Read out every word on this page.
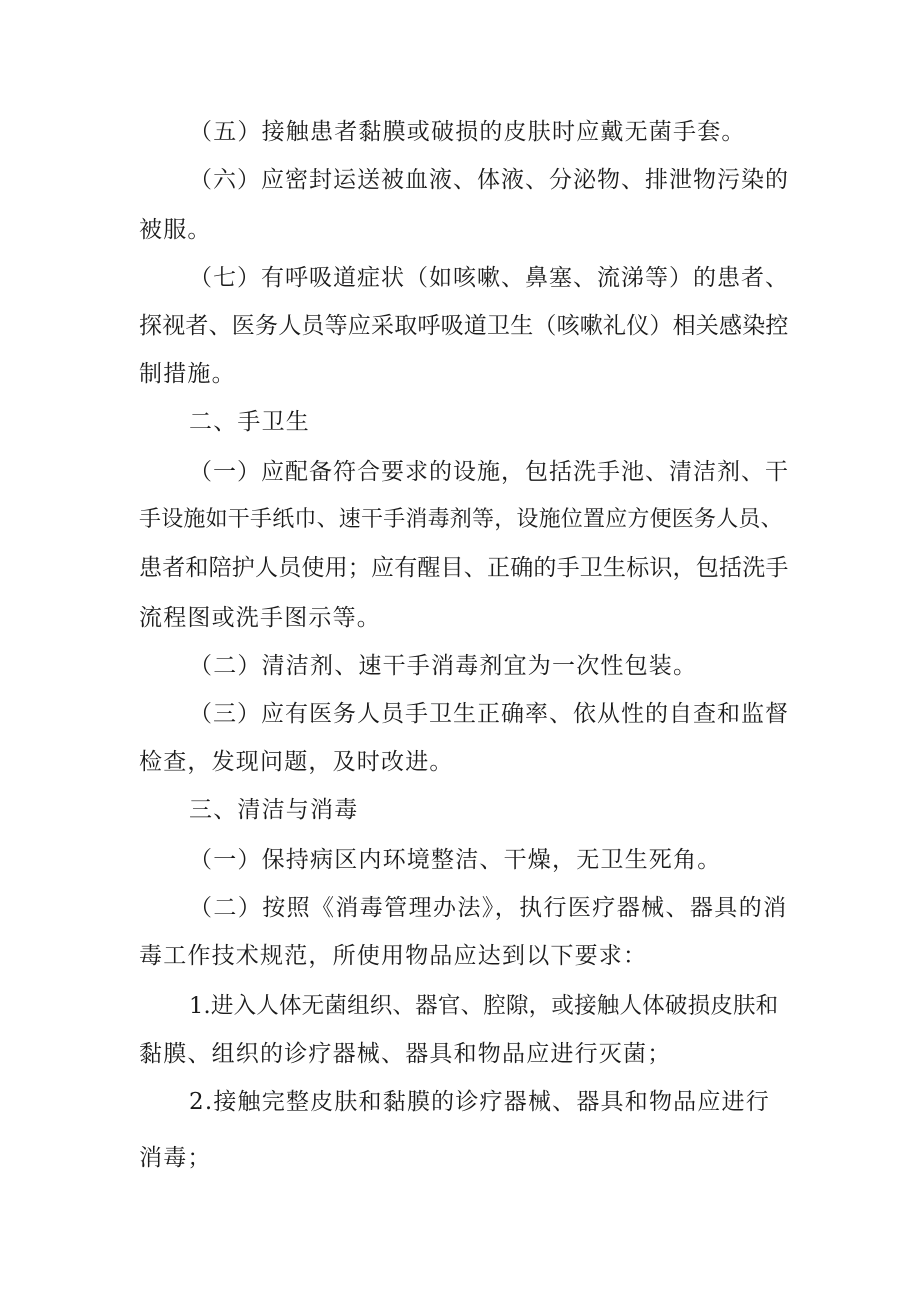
（五）接触患者黏膜或破损的皮肤时应戴无菌手套。
（六）应密封运送被血液、体液、分泌物、排泄物污染的
被服。
（七）有呼吸道症状（如咳嗽、鼻塞、流涕等）的患者、
探视者、医务人员等应采取呼吸道卫生（咳嗽礼仪）相关感染控
制措施。
二、手卫生
（一）应配备符合要求的设施，包括洗手池、清洁剂、干
手设施如干手纸巾、速干手消毒剂等，设施位置应方便医务人员、
患者和陪护人员使用；应有醒目、正确的手卫生标识，包括洗手
流程图或洗手图示等。
（二）清洁剂、速干手消毒剂宜为一次性包装。
（三）应有医务人员手卫生正确率、依从性的自查和监督
检查，发现问题，及时改进。
三、清洁与消毒
（一）保持病区内环境整洁、干燥，无卫生死角。
（二）按照《消毒管理办法》，执行医疗器械、器具的消
毒工作技术规范，所使用物品应达到以下要求：
1.进入人体无菌组织、器官、腔隙，或接触人体破损皮肤和
黏膜、组织的诊疗器械、器具和物品应进行灭菌；
2.接触完整皮肤和黏膜的诊疗器械、器具和物品应进行
消毒；
